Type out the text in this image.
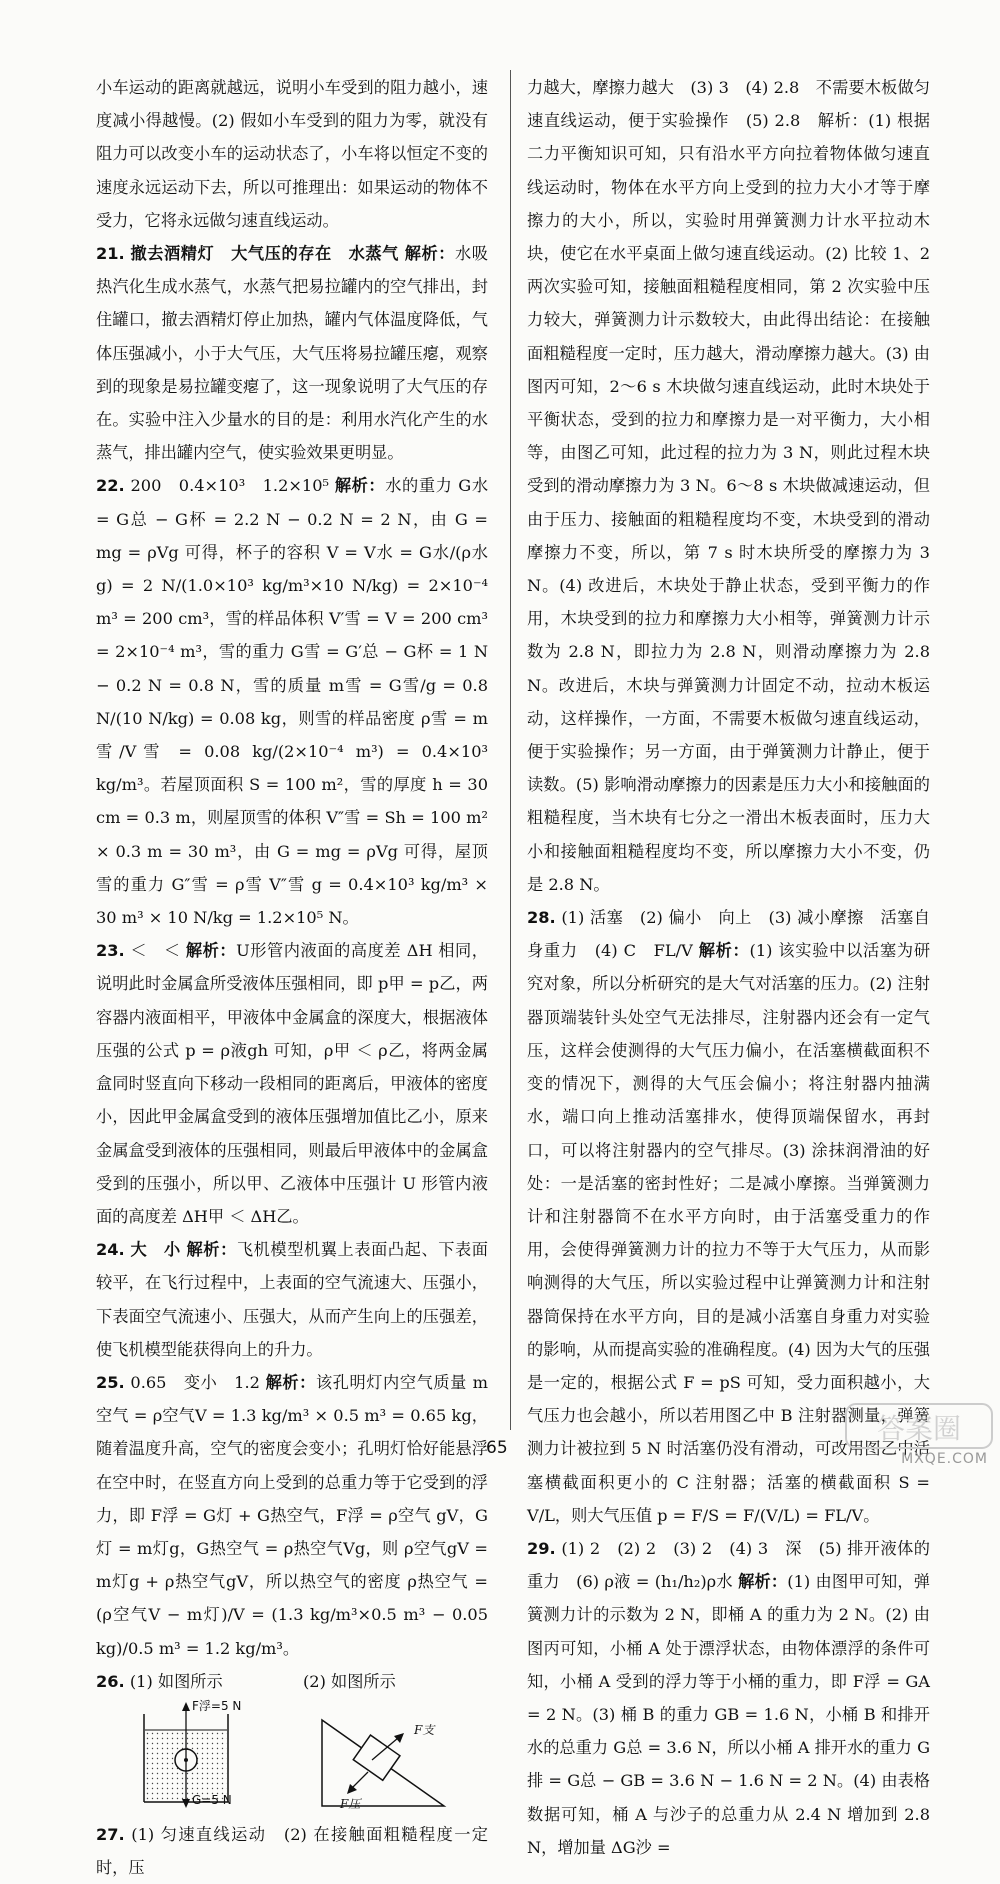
小车运动的距离就越远，说明小车受到的阻力越小，速度减小得越慢。(2) 假如小车受到的阻力为零，就没有阻力可以改变小车的运动状态了，小车将以恒定不变的速度永远运动下去，所以可推理出：如果运动的物体不受力，它将永远做匀速直线运动。

21. 撤去酒精灯　大气压的存在　水蒸气 解析：水吸热汽化生成水蒸气，水蒸气把易拉罐内的空气排出，封住罐口，撤去酒精灯停止加热，罐内气体温度降低，气体压强减小，小于大气压，大气压将易拉罐压瘪，观察到的现象是易拉罐变瘪了，这一现象说明了大气压的存在。实验中注入少量水的目的是：利用水汽化产生的水蒸气，排出罐内空气，使实验效果更明显。

22. 200　0.4×10³　1.2×10⁵ 解析：水的重力 G水 = G总 − G杯 = 2.2 N − 0.2 N = 2 N，由 G = mg = ρVg 可得，杯子的容积 V = V水 = G水/(ρ水 g) = 2 N/(1.0×10³ kg/m³×10 N/kg) = 2×10⁻⁴ m³ = 200 cm³，雪的样品体积 V′雪 = V = 200 cm³ = 2×10⁻⁴ m³，雪的重力 G雪 = G′总 − G杯 = 1 N − 0.2 N = 0.8 N，雪的质量 m雪 = G雪/g = 0.8 N/(10 N/kg) = 0.08 kg，则雪的样品密度 ρ雪 = m雪/V雪 = 0.08 kg/(2×10⁻⁴ m³) = 0.4×10³ kg/m³。若屋顶面积 S = 100 m²，雪的厚度 h = 30 cm = 0.3 m，则屋顶雪的体积 V″雪 = Sh = 100 m² × 0.3 m = 30 m³，由 G = mg = ρVg 可得，屋顶雪的重力 G″雪 = ρ雪 V″雪 g = 0.4×10³ kg/m³ × 30 m³ × 10 N/kg = 1.2×10⁵ N。

23. ＜　＜ 解析：U形管内液面的高度差 ΔH 相同，说明此时金属盒所受液体压强相同，即 p甲 = p乙，两容器内液面相平，甲液体中金属盒的深度大，根据液体压强的公式 p = ρ液gh 可知，ρ甲 ＜ ρ乙，将两金属盒同时竖直向下移动一段相同的距离后，甲液体的密度小，因此甲金属盒受到的液体压强增加值比乙小，原来金属盒受到液体的压强相同，则最后甲液体中的金属盒受到的压强小，所以甲、乙液体中压强计 U 形管内液面的高度差 ΔH甲 ＜ ΔH乙。

24. 大　小 解析：飞机模型机翼上表面凸起、下表面较平，在飞行过程中，上表面的空气流速大、压强小，下表面空气流速小、压强大，从而产生向上的压强差，使飞机模型能获得向上的升力。

25. 0.65　变小　1.2 解析：该孔明灯内空气质量 m空气 = ρ空气V = 1.3 kg/m³ × 0.5 m³ = 0.65 kg，随着温度升高，空气的密度会变小；孔明灯恰好能悬浮在空中时，在竖直方向上受到的总重力等于它受到的浮力，即 F浮 = G灯 + G热空气，F浮 = ρ空气 gV，G灯 = m灯g，G热空气 = ρ热空气Vg，则 ρ空气gV = m灯g + ρ热空气gV，所以热空气的密度 ρ热空气 = (ρ空气V − m灯)/V = (1.3 kg/m³×0.5 m³ − 0.05 kg)/0.5 m³ = 1.2 kg/m³。

26. (1) 如图所示	(2) 如图所示

F浮=5 N
G=5 N
F支
F压

27. (1) 匀速直线运动　(2) 在接触面粗糙程度一定时，压

力越大，摩擦力越大　(3) 3　(4) 2.8　不需要木板做匀速直线运动，便于实验操作　(5) 2.8　解析：(1) 根据二力平衡知识可知，只有沿水平方向拉着物体做匀速直线运动时，物体在水平方向上受到的拉力大小才等于摩擦力的大小，所以，实验时用弹簧测力计水平拉动木块，使它在水平桌面上做匀速直线运动。(2) 比较 1、2 两次实验可知，接触面粗糙程度相同，第 2 次实验中压力较大，弹簧测力计示数较大，由此得出结论：在接触面粗糙程度一定时，压力越大，滑动摩擦力越大。(3) 由图丙可知，2～6 s 木块做匀速直线运动，此时木块处于平衡状态，受到的拉力和摩擦力是一对平衡力，大小相等，由图乙可知，此过程的拉力为 3 N，则此过程木块受到的滑动摩擦力为 3 N。6～8 s 木块做减速运动，但由于压力、接触面的粗糙程度均不变，木块受到的滑动摩擦力不变，所以，第 7 s 时木块所受的摩擦力为 3 N。(4) 改进后，木块处于静止状态，受到平衡力的作用，木块受到的拉力和摩擦力大小相等，弹簧测力计示数为 2.8 N，即拉力为 2.8 N，则滑动摩擦力为 2.8 N。改进后，木块与弹簧测力计固定不动，拉动木板运动，这样操作，一方面，不需要木板做匀速直线运动，便于实验操作；另一方面，由于弹簧测力计静止，便于读数。(5) 影响滑动摩擦力的因素是压力大小和接触面的粗糙程度，当木块有七分之一滑出木板表面时，压力大小和接触面粗糙程度均不变，所以摩擦力大小不变，仍是 2.8 N。

28. (1) 活塞　(2) 偏小　向上　(3) 减小摩擦　活塞自身重力　(4) C　FL/V 解析：(1) 该实验中以活塞为研究对象，所以分析研究的是大气对活塞的压力。(2) 注射器顶端装针头处空气无法排尽，注射器内还会有一定气压，这样会使测得的大气压力偏小，在活塞横截面积不变的情况下，测得的大气压会偏小；将注射器内抽满水，端口向上推动活塞排水，使得顶端保留水，再封口，可以将注射器内的空气排尽。(3) 涂抹润滑油的好处：一是活塞的密封性好；二是减小摩擦。当弹簧测力计和注射器筒不在水平方向时，由于活塞受重力的作用，会使得弹簧测力计的拉力不等于大气压力，从而影响测得的大气压，所以实验过程中让弹簧测力计和注射器筒保持在水平方向，目的是减小活塞自身重力对实验的影响，从而提高实验的准确程度。(4) 因为大气的压强是一定的，根据公式 F = pS 可知，受力面积越小，大气压力也会越小，所以若用图乙中 B 注射器测量，弹簧测力计被拉到 5 N 时活塞仍没有滑动，可改用图乙中活塞横截面积更小的 C 注射器；活塞的横截面积 S = V/L，则大气压值 p = F/S = F/(V/L) = FL/V。

29. (1) 2　(2) 2　(3) 2　(4) 3　深　(5) 排开液体的重力　(6) ρ液 = (h₁/h₂)ρ水 解析：(1) 由图甲可知，弹簧测力计的示数为 2 N，即桶 A 的重力为 2 N。(2) 由图丙可知，小桶 A 处于漂浮状态，由物体漂浮的条件可知，小桶 A 受到的浮力等于小桶的重力，即 F浮 = GA = 2 N。(3) 桶 B 的重力 GB = 1.6 N，小桶 B 和排开水的总重力 G总 = 3.6 N，所以小桶 A 排开水的重力 G排 = G总 − GB = 3.6 N − 1.6 N = 2 N。(4) 由表格数据可知，桶 A 与沙子的总重力从 2.4 N 增加到 2.8 N，增加量 ΔG沙 =

65
答案圈
MXQE.COM
